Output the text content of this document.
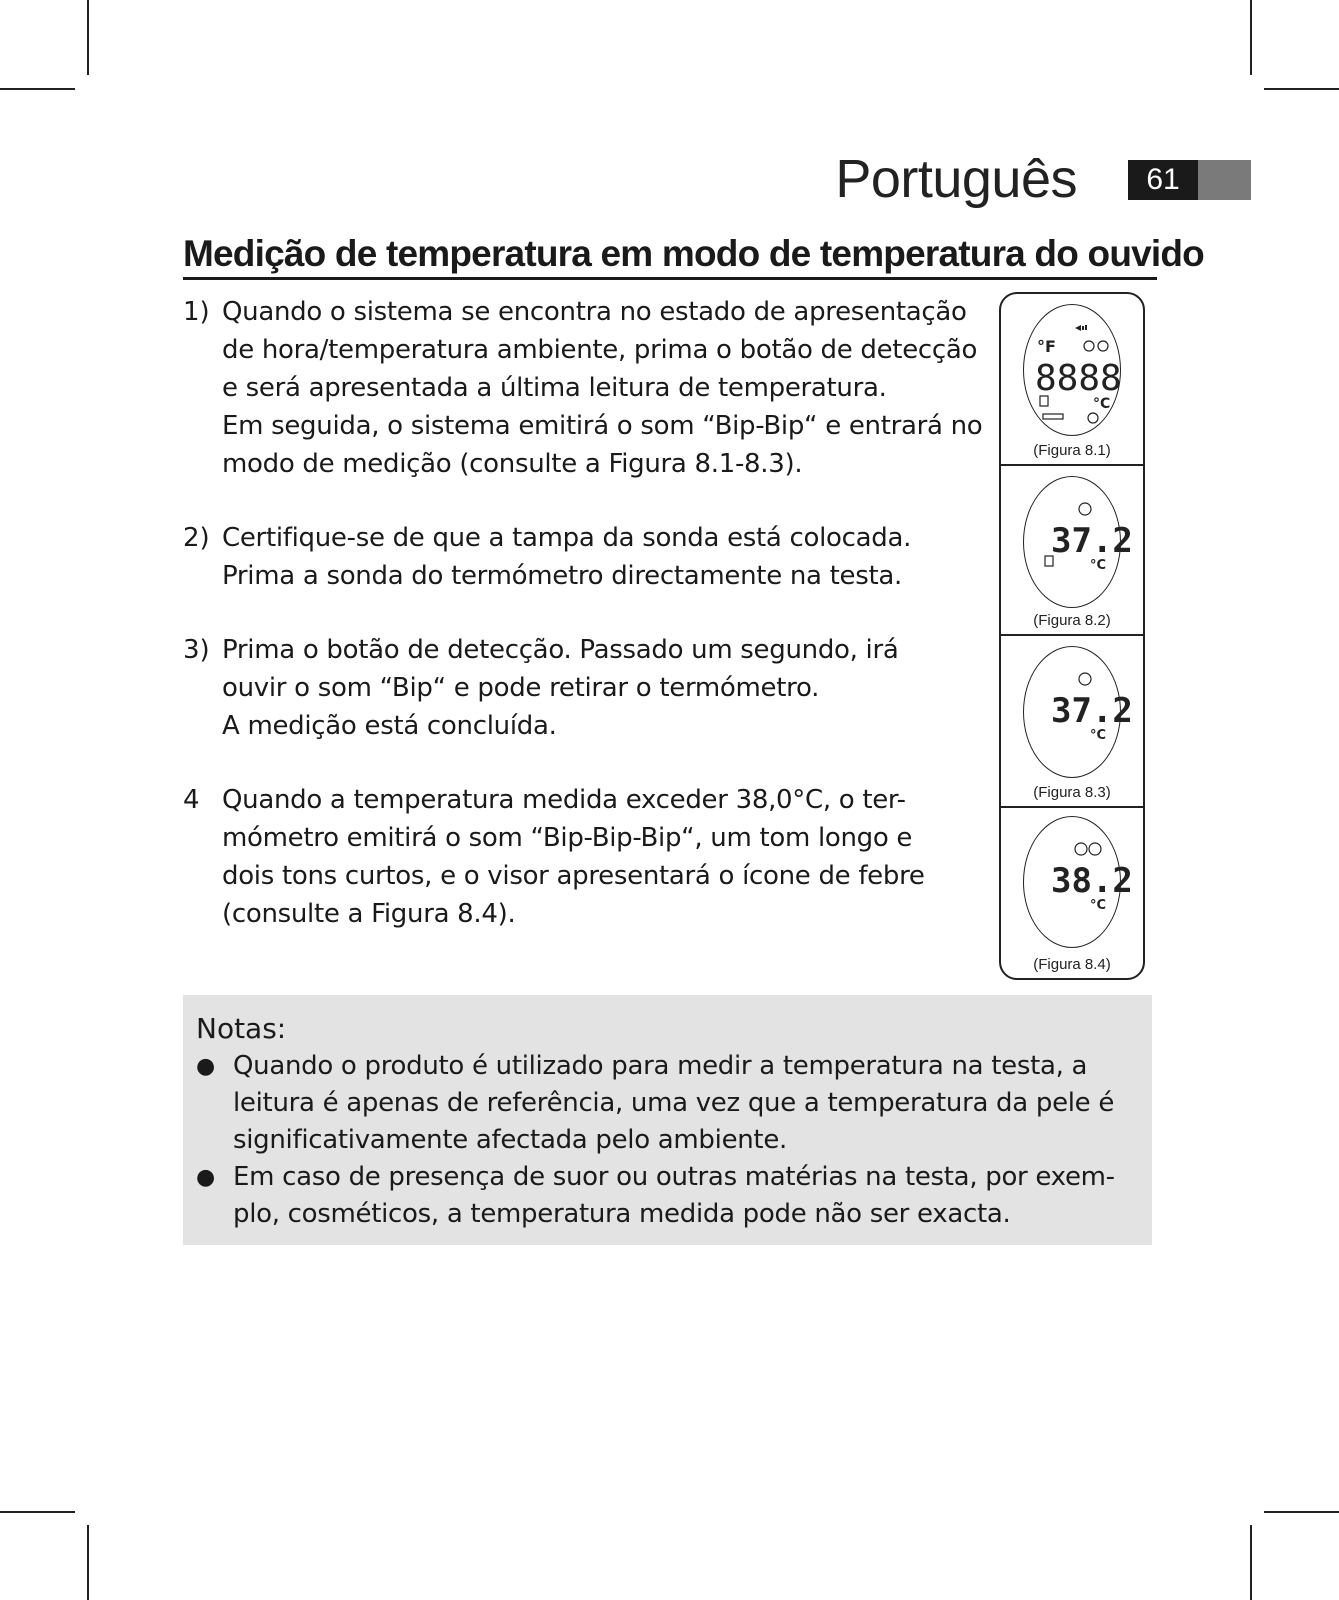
Português	61
Medição de temperatura em modo de temperatura do ouvido
1) Quando o sistema se encontra no estado de apresentação
de hora/temperatura ambiente, prima o botão de detecção
e será apresentada a última leitura de temperatura.
Em seguida, o sistema emitirá o som “Bip-Bip“ e entrará no
modo de medição (consulte a Figura 8.1-8.3).
2) Certifique-se de que a tampa da sonda está colocada.
Prima a sonda do termómetro directamente na testa.
3) Prima o botão de detecção. Passado um segundo, irá
ouvir o som “Bip“ e pode retirar o termómetro.
A medição está concluída.
4 Quando a temperatura medida exceder 38,0°C, o ter-
mómetro emitirá o som “Bip-Bip-Bip“, um tom longo e
dois tons curtos, e o visor apresentará o ícone de febre
(consulte a Figura 8.4).
°F
8888
°C
(Figura 8.1)
37.2
°C
(Figura 8.2)
37.2
°C
(Figura 8.3)
38.2
°C
(Figura 8.4)
Notas:
● Quando o produto é utilizado para medir a temperatura na testa, a
leitura é apenas de referência, uma vez que a temperatura da pele é
significativamente afectada pelo ambiente.
● Em caso de presença de suor ou outras matérias na testa, por exem-
plo, cosméticos, a temperatura medida pode não ser exacta.
